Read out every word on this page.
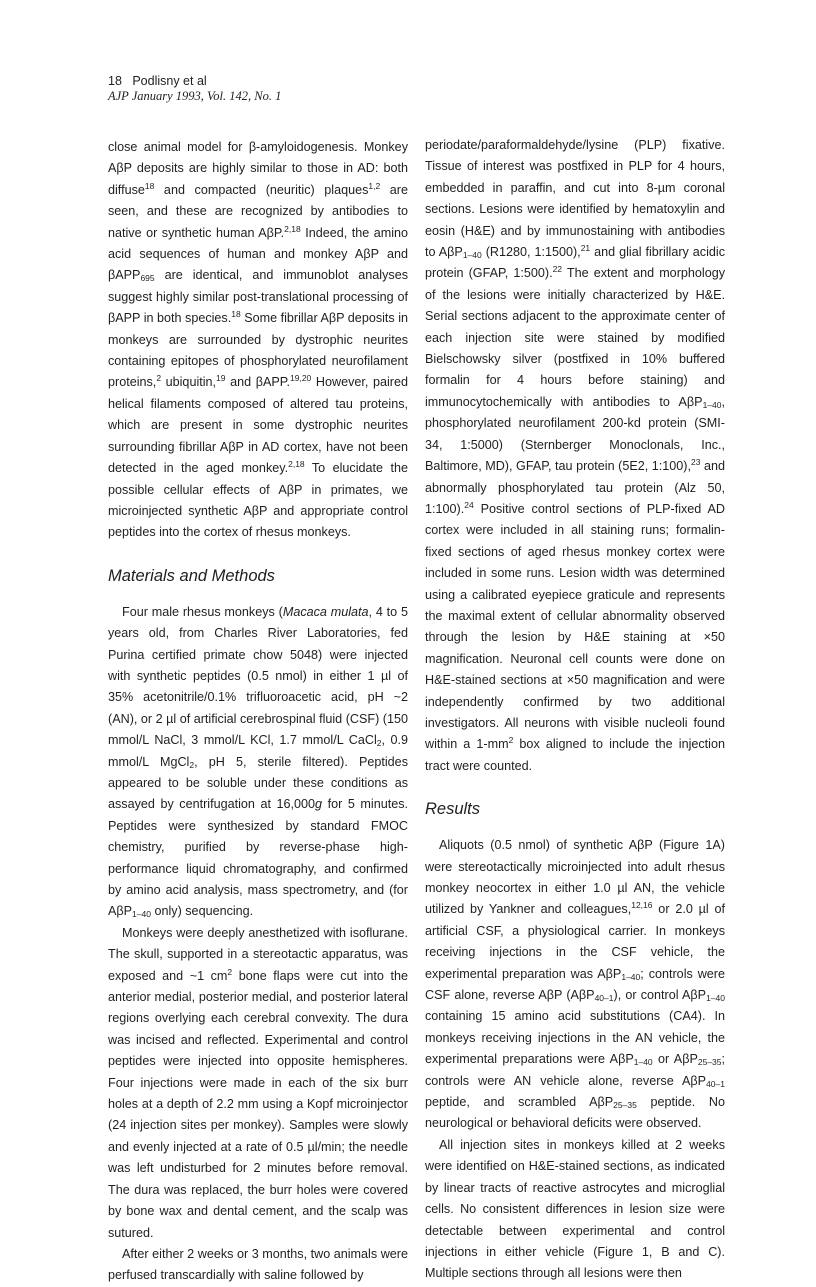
18 Podlisny et al
AJP January 1993, Vol. 142, No. 1

close animal model for β-amyloidogenesis. Monkey AβP deposits are highly similar to those in AD: both diffuse$^{18}$ and compacted (neuritic) plaques$^{1,2}$ are seen, and these are recognized by antibodies to native or synthetic human AβP.$^{2,18}$ Indeed, the amino acid sequences of human and monkey AβP and βAPP$_{695}$ are identical, and immunoblot analyses suggest highly similar post-translational processing of βAPP in both species.$^{18}$ Some fibrillar AβP deposits in monkeys are surrounded by dystrophic neurites containing epitopes of phosphorylated neurofilament proteins,$^2$ ubiquitin,$^{19}$ and βAPP.$^{19,20}$ However, paired helical filaments composed of altered tau proteins, which are present in some dystrophic neurites surrounding fibrillar AβP in AD cortex, have not been detected in the aged monkey.$^{2,18}$ To elucidate the possible cellular effects of AβP in primates, we microinjected synthetic AβP and appropriate control peptides into the cortex of rhesus monkeys.

Materials and Methods

Four male rhesus monkeys (Macaca mulata, 4 to 5 years old, from Charles River Laboratories, fed Purina certified primate chow 5048) were injected with synthetic peptides (0.5 nmol) in either 1 µl of 35% acetonitrile/0.1% trifluoroacetic acid, pH ~2 (AN), or 2 µl of artificial cerebrospinal fluid (CSF) (150 mmol/L NaCl, 3 mmol/L KCl, 1.7 mmol/L CaCl$_2$, 0.9 mmol/L MgCl$_2$, pH 5, sterile filtered). Peptides appeared to be soluble under these conditions as assayed by centrifugation at 16,000g for 5 minutes. Peptides were synthesized by standard FMOC chemistry, purified by reverse-phase high-performance liquid chromatography, and confirmed by amino acid analysis, mass spectrometry, and (for AβP$_{1-40}$ only) sequencing.

Monkeys were deeply anesthetized with isoflurane. The skull, supported in a stereotactic apparatus, was exposed and ~1 $cm^2$ bone flaps were cut into the anterior medial, posterior medial, and posterior lateral regions overlying each cerebral convexity. The dura was incised and reflected. Experimental and control peptides were injected into opposite hemispheres. Four injections were made in each of the six burr holes at a depth of 2.2 mm using a Kopf microinjector (24 injection sites per monkey). Samples were slowly and evenly injected at a rate of 0.5 µl/min; the needle was left undisturbed for 2 minutes before removal. The dura was replaced, the burr holes were covered by bone wax and dental cement, and the scalp was sutured.

After either 2 weeks or 3 months, two animals were perfused transcardially with saline followed by

periodate/paraformaldehyde/lysine (PLP) fixative. Tissue of interest was postfixed in PLP for 4 hours, embedded in paraffin, and cut into 8-µm coronal sections. Lesions were identified by hematoxylin and eosin (H&E) and by immunostaining with antibodies to AβP$_{1-40}$ (R1280, 1:1500),$^{21}$ and glial fibrillary acidic protein (GFAP, 1:500).$^{22}$ The extent and morphology of the lesions were initially characterized by H&E. Serial sections adjacent to the approximate center of each injection site were stained by modified Bielschowsky silver (postfixed in 10% buffered formalin for 4 hours before staining) and immunocytochemically with antibodies to AβP$_{1-40}$, phosphorylated neurofilament 200-kd protein (SMI-34, 1:5000) (Sternberger Monoclonals, Inc., Baltimore, MD), GFAP, tau protein (5E2, 1:100),$^{23}$ and abnormally phosphorylated tau protein (Alz 50, 1:100).$^{24}$ Positive control sections of PLP-fixed AD cortex were included in all staining runs; formalin-fixed sections of aged rhesus monkey cortex were included in some runs. Lesion width was determined using a calibrated eyepiece graticule and represents the maximal extent of cellular abnormality observed through the lesion by H&E staining at ×50 magnification. Neuronal cell counts were done on H&E-stained sections at ×50 magnification and were independently confirmed by two additional investigators. All neurons with visible nucleoli found within a $1-mm^2$ box aligned to include the injection tract were counted.

Results

Aliquots (0.5 nmol) of synthetic AβP (Figure 1A) were stereotactically microinjected into adult rhesus monkey neocortex in either 1.0 µl AN, the vehicle utilized by Yankner and colleagues,$^{12,16}$ or 2.0 µl of artificial CSF, a physiological carrier. In monkeys receiving injections in the CSF vehicle, the experimental preparation was AβP$_{1-40}$; controls were CSF alone, reverse AβP (AβP$_{40-1}$), or control AβP$_{1-40}$ containing 15 amino acid substitutions (CA4). In monkeys receiving injections in the AN vehicle, the experimental preparations were AβP$_{1-40}$ or AβP$_{25-35}$; controls were AN vehicle alone, reverse AβP$_{40-1}$ peptide, and scrambled AβP$_{25-35}$ peptide. No neurological or behavioral deficits were observed.

All injection sites in monkeys killed at 2 weeks were identified on H&E-stained sections, as indicated by linear tracts of reactive astrocytes and microglial cells. No consistent differences in lesion size were detectable between experimental and control injections in either vehicle (Figure 1, B and C). Multiple sections through all lesions were then
